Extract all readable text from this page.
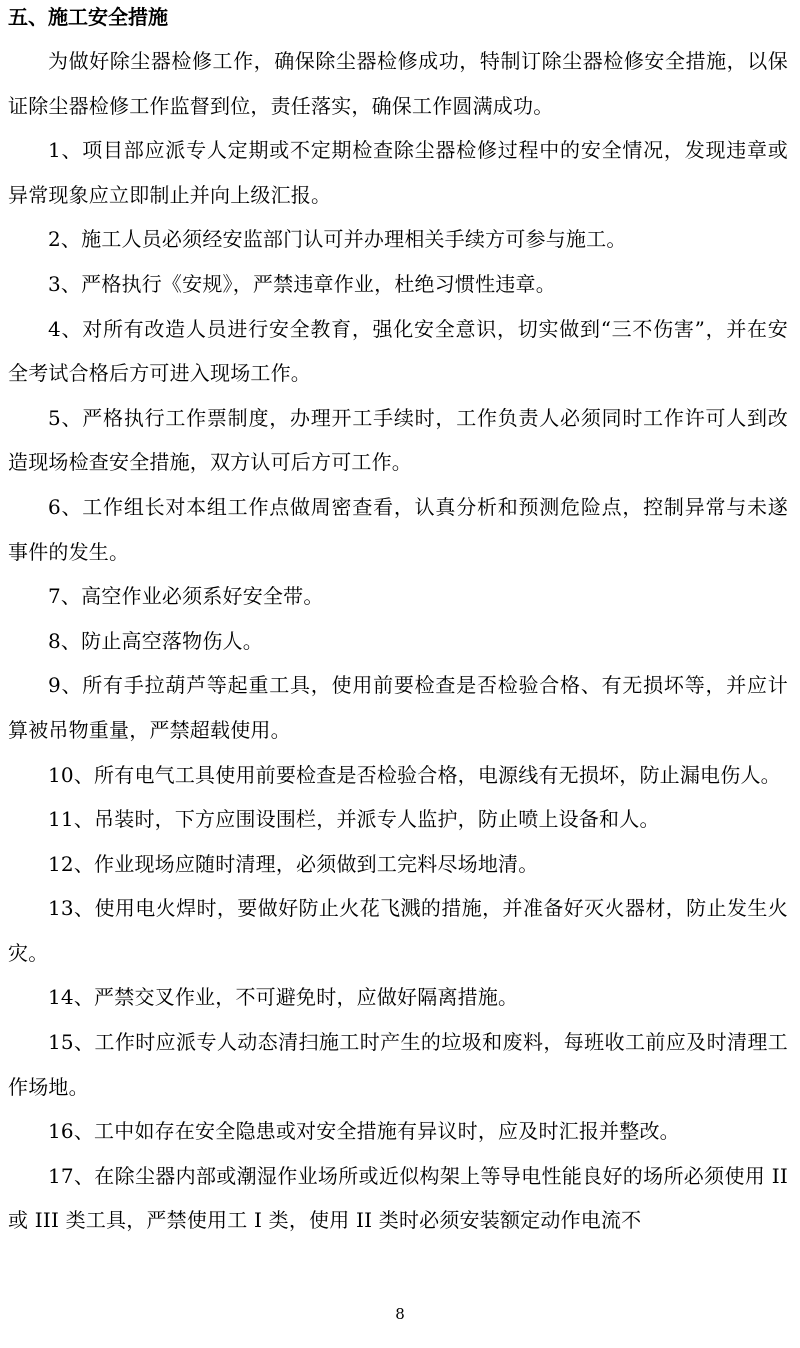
五、施工安全措施

为做好除尘器检修工作，确保除尘器检修成功，特制订除尘器检修安全措施，以保证除尘器检修工作监督到位，责任落实，确保工作圆满成功。

1、项目部应派专人定期或不定期检查除尘器检修过程中的安全情况，发现违章或异常现象应立即制止并向上级汇报。

2、施工人员必须经安监部门认可并办理相关手续方可参与施工。

3、严格执行《安规》，严禁违章作业，杜绝习惯性违章。

4、对所有改造人员进行安全教育，强化安全意识，切实做到“三不伤害”，并在安全考试合格后方可进入现场工作。

5、严格执行工作票制度，办理开工手续时，工作负责人必须同时工作许可人到改造现场检查安全措施，双方认可后方可工作。

6、工作组长对本组工作点做周密查看，认真分析和预测危险点，控制异常与未遂事件的发生。

7、高空作业必须系好安全带。

8、防止高空落物伤人。

9、所有手拉葫芦等起重工具，使用前要检查是否检验合格、有无损坏等，并应计算被吊物重量，严禁超载使用。

10、所有电气工具使用前要检查是否检验合格，电源线有无损坏，防止漏电伤人。

11、吊装时，下方应围设围栏，并派专人监护，防止喷上设备和人。

12、作业现场应随时清理，必须做到工完料尽场地清。

13、使用电火焊时，要做好防止火花飞溅的措施，并准备好灭火器材，防止发生火灾。

14、严禁交叉作业，不可避免时，应做好隔离措施。

15、工作时应派专人动态清扫施工时产生的垃圾和废料，每班收工前应及时清理工作场地。

16、工中如存在安全隐患或对安全措施有异议时，应及时汇报并整改。

17、在除尘器内部或潮湿作业场所或近似构架上等导电性能良好的场所必须使用 II 或 III 类工具，严禁使用工 I 类，使用 II 类时必须安装额定动作电流不

8
